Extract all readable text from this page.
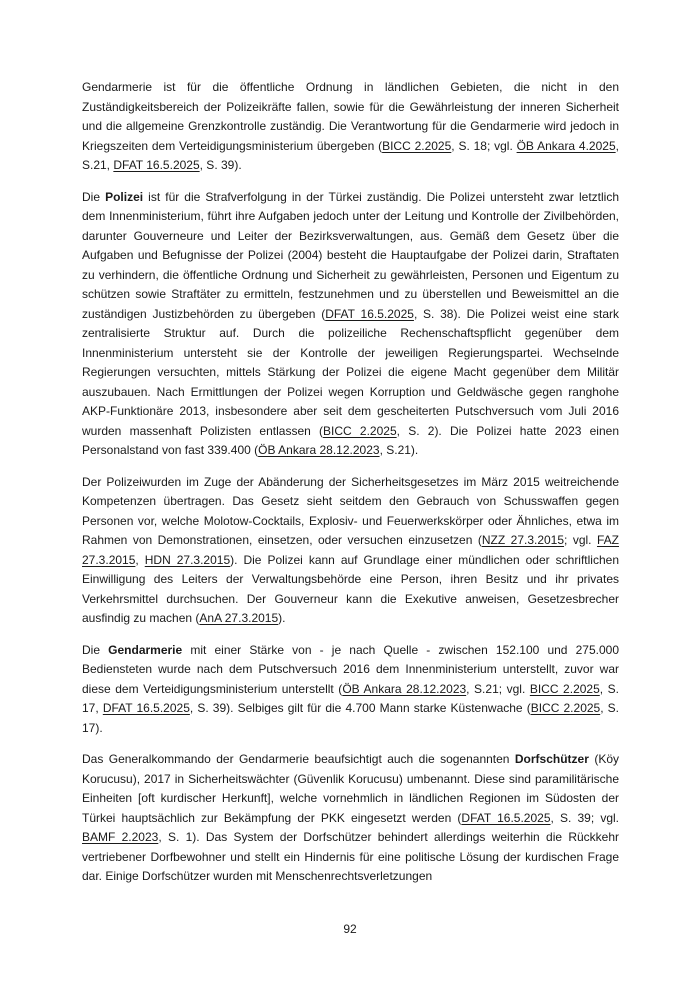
Gendarmerie ist für die öffentliche Ordnung in ländlichen Gebieten, die nicht in den Zuständigkeitsbereich der Polizeikräfte fallen, sowie für die Gewährleistung der inneren Sicherheit und die allgemeine Grenzkontrolle zuständig. Die Verantwortung für die Gendarmerie wird jedoch in Kriegszeiten dem Verteidigungsministerium übergeben (BICC 2.2025, S. 18; vgl. ÖB Ankara 4.2025, S.21, DFAT 16.5.2025, S. 39).

Die Polizei ist für die Strafverfolgung in der Türkei zuständig. Die Polizei untersteht zwar letztlich dem Innenministerium, führt ihre Aufgaben jedoch unter der Leitung und Kontrolle der Zivilbehörden, darunter Gouverneure und Leiter der Bezirksverwaltungen, aus. Gemäß dem Gesetz über die Aufgaben und Befugnisse der Polizei (2004) besteht die Hauptaufgabe der Polizei darin, Straftaten zu verhindern, die öffentliche Ordnung und Sicherheit zu gewährleisten, Personen und Eigentum zu schützen sowie Straftäter zu ermitteln, festzunehmen und zu überstellen und Beweismittel an die zuständigen Justizbehörden zu übergeben (DFAT 16.5.2025, S. 38). Die Polizei weist eine stark zentralisierte Struktur auf. Durch die polizeiliche Rechenschaftspflicht gegenüber dem Innenministerium untersteht sie der Kontrolle der jeweiligen Regierungspartei. Wechselnde Regierungen versuchten, mittels Stärkung der Polizei die eigene Macht gegenüber dem Militär auszubauen. Nach Ermittlungen der Polizei wegen Korruption und Geldwäsche gegen ranghohe AKP-Funktionäre 2013, insbesondere aber seit dem gescheiterten Putschversuch vom Juli 2016 wurden massenhaft Polizisten entlassen (BICC 2.2025, S. 2). Die Polizei hatte 2023 einen Personalstand von fast 339.400 (ÖB Ankara 28.12.2023, S.21).

Der Polizeiwurden im Zuge der Abänderung der Sicherheitsgesetzes im März 2015 weitreichende Kompetenzen übertragen. Das Gesetz sieht seitdem den Gebrauch von Schusswaffen gegen Personen vor, welche Molotow-Cocktails, Explosiv- und Feuerwerkskörper oder Ähnliches, etwa im Rahmen von Demonstrationen, einsetzen, oder versuchen einzusetzen (NZZ 27.3.2015; vgl. FAZ 27.3.2015, HDN 27.3.2015). Die Polizei kann auf Grundlage einer mündlichen oder schriftlichen Einwilligung des Leiters der Verwaltungsbehörde eine Person, ihren Besitz und ihr privates Verkehrsmittel durchsuchen. Der Gouverneur kann die Exekutive anweisen, Gesetzesbrecher ausfindig zu machen (AnA 27.3.2015).

Die Gendarmerie mit einer Stärke von - je nach Quelle - zwischen 152.100 und 275.000 Bediensteten wurde nach dem Putschversuch 2016 dem Innenministerium unterstellt, zuvor war diese dem Verteidigungsministerium unterstellt (ÖB Ankara 28.12.2023, S.21; vgl. BICC 2.2025, S. 17, DFAT 16.5.2025, S. 39). Selbiges gilt für die 4.700 Mann starke Küstenwache (BICC 2.2025, S. 17).

Das Generalkommando der Gendarmerie beaufsichtigt auch die sogenannten Dorfschützer (Köy Korucusu), 2017 in Sicherheitswächter (Güvenlik Korucusu) umbenannt. Diese sind paramilitärische Einheiten [oft kurdischer Herkunft], welche vornehmlich in ländlichen Regionen im Südosten der Türkei hauptsächlich zur Bekämpfung der PKK eingesetzt werden (DFAT 16.5.2025, S. 39; vgl. BAMF 2.2023, S. 1). Das System der Dorfschützer behindert allerdings weiterhin die Rückkehr vertriebener Dorfbewohner und stellt ein Hindernis für eine politische Lösung der kurdischen Frage dar. Einige Dorfschützer wurden mit Menschenrechtsverletzungen

92
